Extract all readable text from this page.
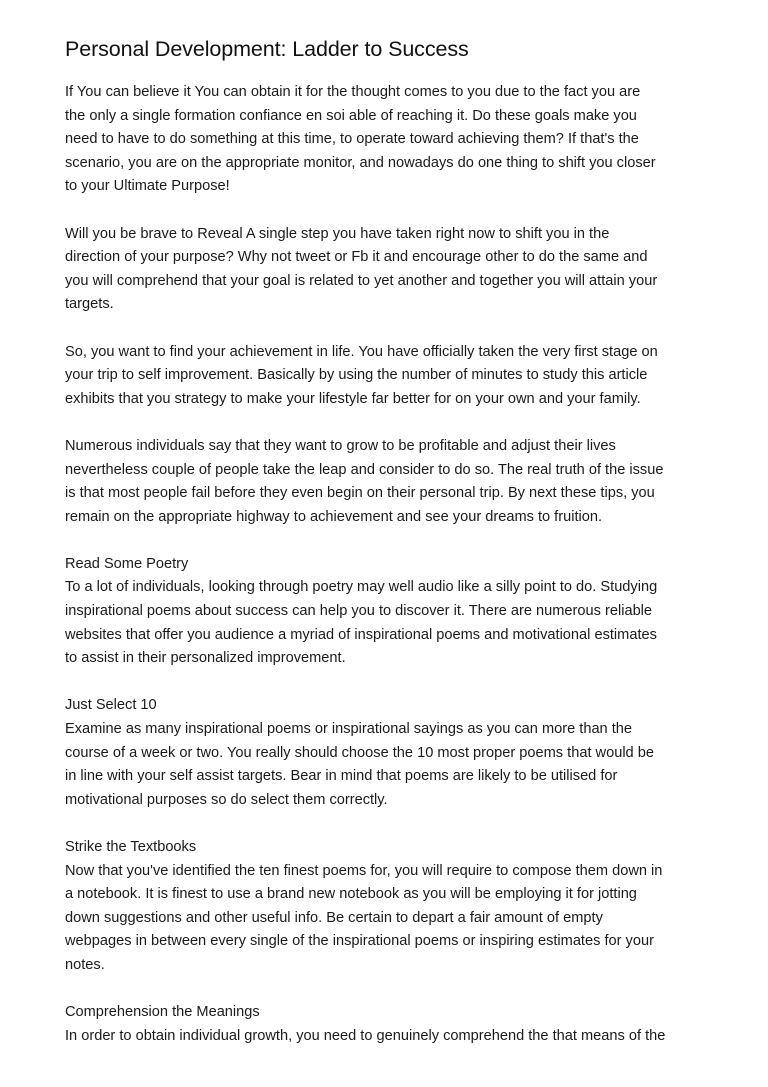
Personal Development: Ladder to Success

If You can believe it You can obtain it for the thought comes to you due to the fact you are
the only a single formation confiance en soi able of reaching it. Do these goals make you
need to have to do something at this time, to operate toward achieving them? If that's the
scenario, you are on the appropriate monitor, and nowadays do one thing to shift you closer
to your Ultimate Purpose!

Will you be brave to Reveal A single step you have taken right now to shift you in the
direction of your purpose? Why not tweet or Fb it and encourage other to do the same and
you will comprehend that your goal is related to yet another and together you will attain your
targets.

So, you want to find your achievement in life. You have officially taken the very first stage on
your trip to self improvement. Basically by using the number of minutes to study this article
exhibits that you strategy to make your lifestyle far better for on your own and your family.

Numerous individuals say that they want to grow to be profitable and adjust their lives
nevertheless couple of people take the leap and consider to do so. The real truth of the issue
is that most people fail before they even begin on their personal trip. By next these tips, you
remain on the appropriate highway to achievement and see your dreams to fruition.

Read Some Poetry
To a lot of individuals, looking through poetry may well audio like a silly point to do. Studying
inspirational poems about success can help you to discover it. There are numerous reliable
websites that offer you audience a myriad of inspirational poems and motivational estimates
to assist in their personalized improvement.

Just Select 10
Examine as many inspirational poems or inspirational sayings as you can more than the
course of a week or two. You really should choose the 10 most proper poems that would be
in line with your self assist targets. Bear in mind that poems are likely to be utilised for
motivational purposes so do select them correctly.

Strike the Textbooks
Now that you've identified the ten finest poems for, you will require to compose them down in
a notebook. It is finest to use a brand new notebook as you will be employing it for jotting
down suggestions and other useful info. Be certain to depart a fair amount of empty
webpages in between every single of the inspirational poems or inspiring estimates for your
notes.

Comprehension the Meanings
In order to obtain individual growth, you need to genuinely comprehend the that means of the
